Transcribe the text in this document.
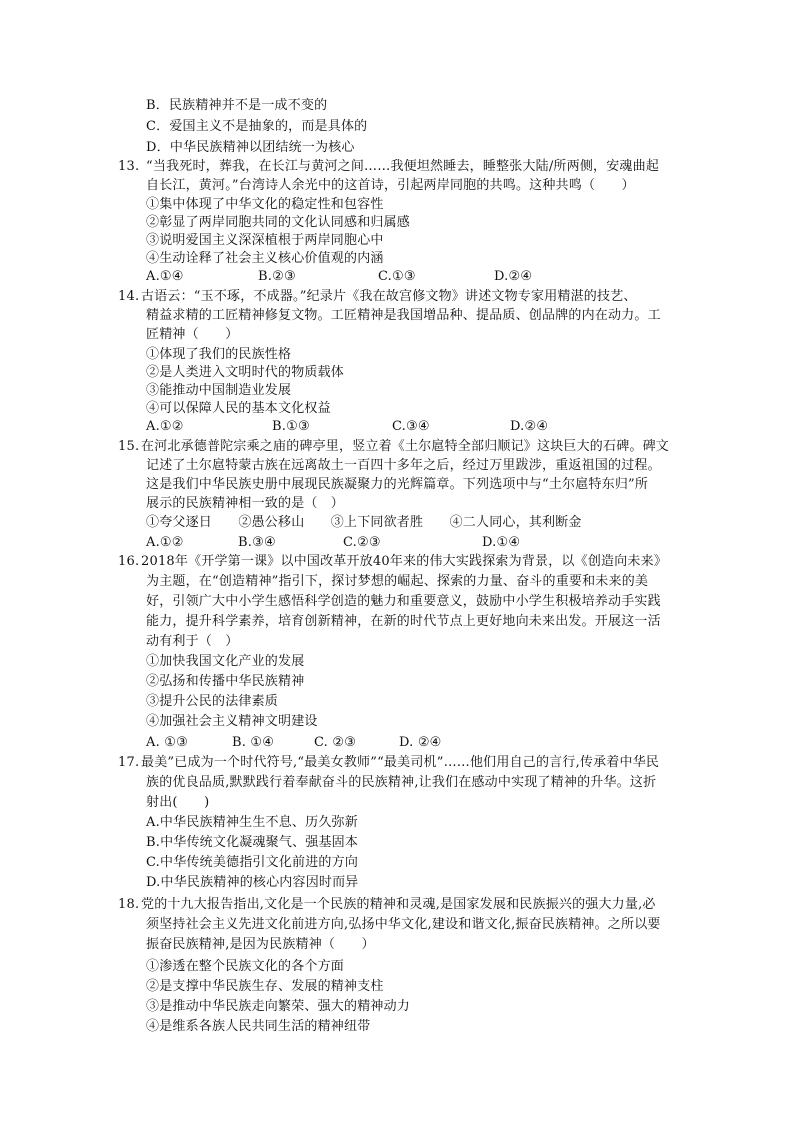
B．民族精神并不是一成不变的
C．爱国主义不是抽象的，而是具体的
D．中华民族精神以团结统一为核心
13. “当我死时，葬我，在长江与黄河之间……我便坦然睡去，睡整张大陆/所两侧，安魂曲起
自长江，黄河。”台湾诗人余光中的这首诗，引起两岸同胞的共鸣。这种共鸣（　　）
①集中体现了中华文化的稳定性和包容性
②彰显了两岸同胞共同的文化认同感和归属感
③说明爱国主义深深植根于两岸同胞心中
④生动诠释了社会主义核心价值观的内涵
A.①④	B.②③	C.①③	D.②④
14. 古语云：“玉不琢，不成器。”纪录片《我在故宫修文物》讲述文物专家用精湛的技艺、
精益求精的工匠精神修复文物。工匠精神是我国增品种、提品质、创品牌的内在动力。工
匠精神（　　）
①体现了我们的民族性格
②是人类进入文明时代的物质载体
③能推动中国制造业发展
④可以保障人民的基本文化权益
A.①②	B.①③	C.③④	D.②④
15. 在河北承德普陀宗乘之庙的碑亭里，竖立着《土尔扈特全部归顺记》这块巨大的石碑。碑文
记述了土尔扈特蒙古族在远离故土一百四十多年之后，经过万里跋涉，重返祖国的过程。
这是我们中华民族史册中展现民族凝聚力的光辉篇章。下列选项中与“土尔扈特东归”所
展示的民族精神相一致的是（　）
①夸父逐日　　②愚公移山　　③上下同欲者胜　　④二人同心，其利断金
A.①②	B.③④	C.②③	D.①④
16. 2018年《开学第一课》以中国改革开放40年来的伟大实践探索为背景，以《创造向未来》
为主题，在“创造精神”指引下，探讨梦想的崛起、探索的力量、奋斗的重要和未来的美
好，引领广大中小学生感悟科学创造的魅力和重要意义，鼓励中小学生积极培养动手实践
能力，提升科学素养，培育创新精神，在新的时代节点上更好地向未来出发。开展这一活
动有利于（　）
①加快我国文化产业的发展
②弘扬和传播中华民族精神
③提升公民的法律素质
④加强社会主义精神文明建设
A. ①③	B. ①④	C. ②③	D. ②④
17. 最美”已成为一个时代符号,“最美女教师”“最美司机”……他们用自己的言行,传承着中华民
族的优良品质,默默践行着奉献奋斗的民族精神,让我们在感动中实现了精神的升华。这折
射出(　　)
A.中华民族精神生生不息、历久弥新
B.中华传统文化凝魂聚气、强基固本
C.中华传统美德指引文化前进的方向
D.中华民族精神的核心内容因时而异
18. 党的十九大报告指出,文化是一个民族的精神和灵魂,是国家发展和民族振兴的强大力量,必
须坚持社会主义先进文化前进方向,弘扬中华文化,建设和谐文化,振奋民族精神。之所以要
振奋民族精神,是因为民族精神（　　）
①渗透在整个民族文化的各个方面
②是支撑中华民族生存、发展的精神支柱
③是推动中华民族走向繁荣、强大的精神动力
④是维系各族人民共同生活的精神纽带
